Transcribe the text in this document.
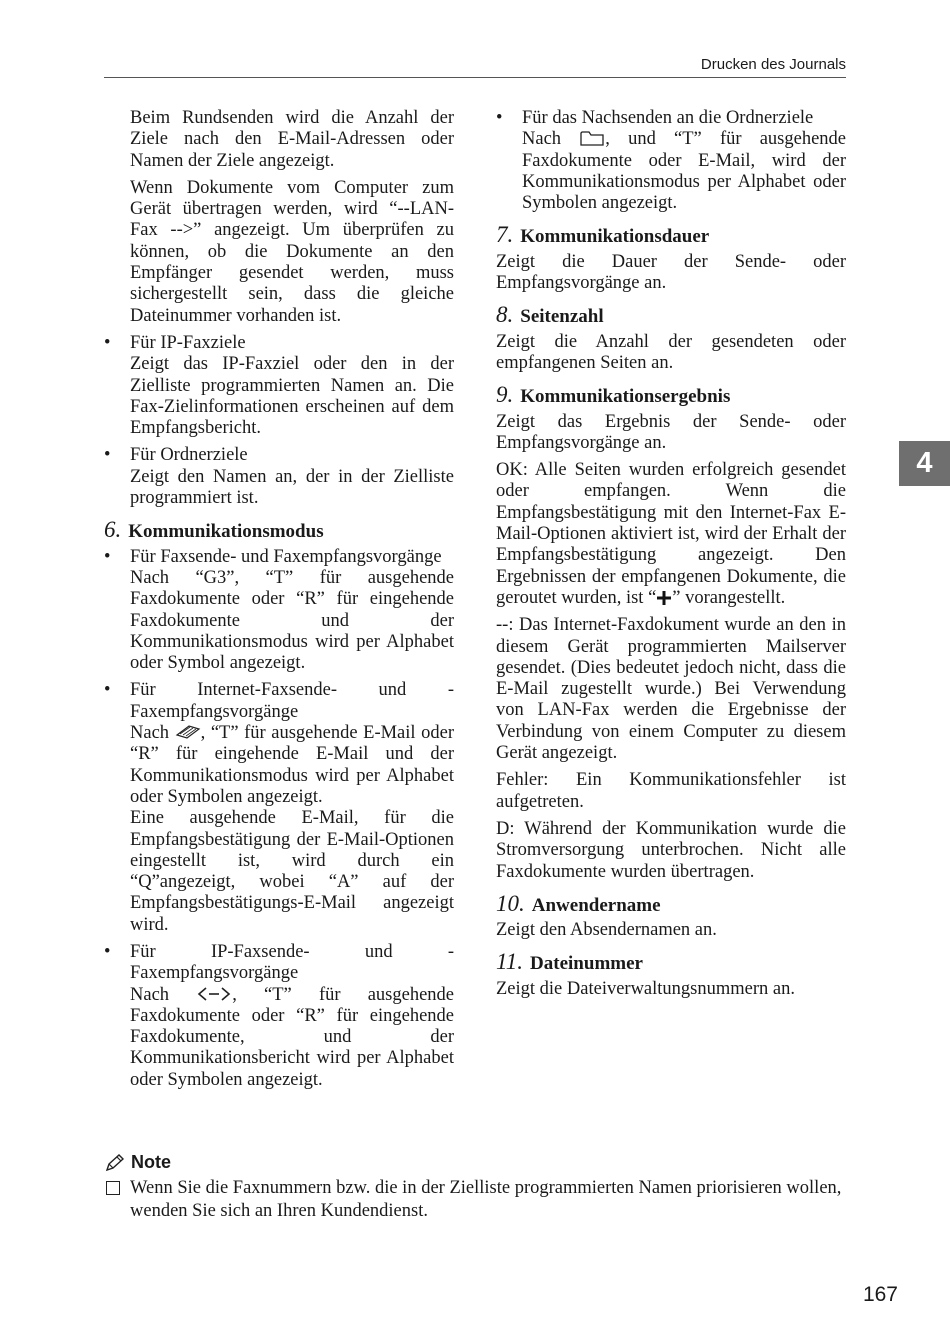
Drucken des Journals
4

Beim Rundsenden wird die Anzahl der Ziele nach den E-Mail-Adressen oder Namen der Ziele angezeigt.

Wenn Dokumente vom Computer zum Gerät übertragen werden, wird “--LAN-Fax -->” angezeigt. Um überprüfen zu können, ob die Dokumente an den Empfänger gesendet werden, muss sichergestellt sein, dass die gleiche Dateinummer vorhanden ist.

• Für IP-Faxziele

Zeigt das IP-Faxziel oder den in der Zielliste programmierten Namen an. Die Fax-Zielinformationen erscheinen auf dem Empfangsbericht.

• Für Ordnerziele

Zeigt den Namen an, der in der Zielliste programmiert ist.

6. Kommunikationsmodus
• Für Faxsende- und Faxempfangsvorgänge

Nach “G3”, “T” für ausgehende Faxdokumente oder “R” für eingehende Faxdokumente und der Kommunikationsmodus wird per Alphabet oder Symbol angezeigt.

• Für Internet-Faxsende- und -Faxempfangsvorgänge

Nach , “T” für ausgehende E-Mail oder “R” für eingehende E-Mail und der Kommunikationsmodus wird per Alphabet oder Symbolen angezeigt.

Eine ausgehende E-Mail, für die Empfangsbestätigung der E-Mail-Optionen eingestellt ist, wird durch ein “Q”angezeigt, wobei “A” auf der Empfangsbestätigungs-E-Mail angezeigt wird.

• Für IP-Faxsende- und -Faxempfangsvorgänge

Nach	, “T” für ausgehende Faxdokumente oder “R” für eingehende Faxdokumente, und der Kommunikationsbericht wird per Alphabet oder Symbolen angezeigt.

• Für das Nachsenden an die Ordnerziele

Nach , und “T” für ausgehende Faxdokumente oder E-Mail, wird der Kommunikationsmodus per Alphabet oder Symbolen angezeigt.

7. Kommunikationsdauer

Zeigt die Dauer der Sende- oder Empfangsvorgänge an.

8. Seitenzahl

Zeigt die Anzahl der gesendeten oder empfangenen Seiten an.

9. Kommunikationsergebnis

Zeigt das Ergebnis der Sende- oder Empfangsvorgänge an.

OK: Alle Seiten wurden erfolgreich gesendet oder empfangen. Wenn die Empfangsbestätigung mit den Internet-Fax E-Mail-Optionen aktiviert ist, wird der Erhalt der Empfangsbestätigung angezeigt. Den Ergebnissen der empfangenen Dokumente, die geroutet wurden, ist “ ” vorangestellt.

--: Das Internet-Faxdokument wurde an den in diesem Gerät programmierten Mailserver gesendet. (Dies bedeutet jedoch nicht, dass die E-Mail zugestellt wurde.) Bei Verwendung von LAN-Fax werden die Ergebnisse der Verbindung von einem Computer zu diesem Gerät angezeigt.

Fehler: Ein Kommunikationsfehler ist aufgetreten.

D: Während der Kommunikation wurde die Stromversorgung unterbrochen. Nicht alle Faxdokumente wurden übertragen.

10. Anwendername

Zeigt den Absendernamen an.

11. Dateinummer

Zeigt die Dateiverwaltungsnummern an.

Note
Wenn Sie die Faxnummern bzw. die in der Zielliste programmierten Namen priorisieren wollen, wenden Sie sich an Ihren Kundendienst.
167
